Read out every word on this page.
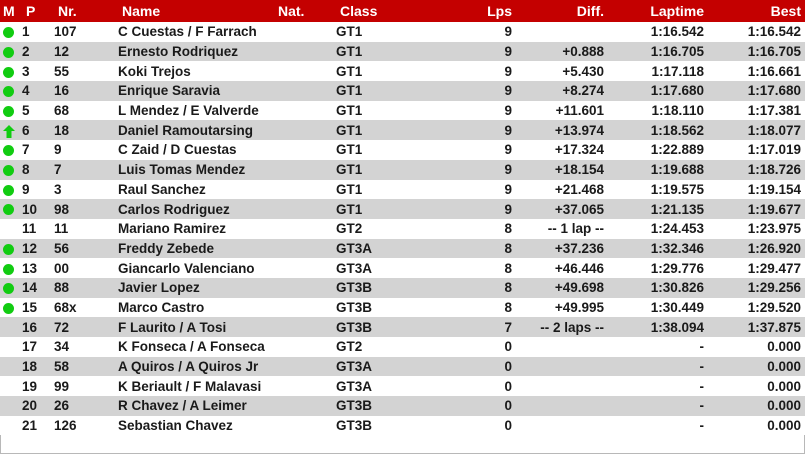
M	P	Nr.	Name	Nat.	Class	Lps	Diff.	Laptime	Best
	1	107	C Cuestas / F Farrach		GT1	9		1:16.542	1:16.542
	2	12	Ernesto Rodriquez		GT1	9	+0.888	1:16.705	1:16.705
	3	55	Koki Trejos		GT1	9	+5.430	1:17.118	1:16.661
	4	16	Enrique Saravia		GT1	9	+8.274	1:17.680	1:17.680
	5	68	L Mendez / E Valverde		GT1	9	+11.601	1:18.110	1:17.381
	6	18	Daniel Ramoutarsing		GT1	9	+13.974	1:18.562	1:18.077
	7	9	C Zaid / D Cuestas		GT1	9	+17.324	1:22.889	1:17.019
	8	7	Luis Tomas Mendez		GT1	9	+18.154	1:19.688	1:18.726
	9	3	Raul Sanchez		GT1	9	+21.468	1:19.575	1:19.154
	10	98	Carlos Rodriguez		GT1	9	+37.065	1:21.135	1:19.677
	11	11	Mariano Ramirez		GT2	8	-- 1 lap --	1:24.453	1:23.975
	12	56	Freddy Zebede		GT3A	8	+37.236	1:32.346	1:26.920
	13	00	Giancarlo Valenciano		GT3A	8	+46.446	1:29.776	1:29.477
	14	88	Javier Lopez		GT3B	8	+49.698	1:30.826	1:29.256
	15	68x	Marco Castro		GT3B	8	+49.995	1:30.449	1:29.520
	16	72	F Laurito / A Tosi		GT3B	7	-- 2 laps --	1:38.094	1:37.875
	17	34	K Fonseca / A Fonseca		GT2	0		-	0.000
	18	58	A Quiros / A Quiros Jr		GT3A	0		-	0.000
	19	99	K Beriault / F Malavasi		GT3A	0		-	0.000
	20	26	R Chavez / A Leimer		GT3B	0		-	0.000
	21	126	Sebastian Chavez		GT3B	0		-	0.000
